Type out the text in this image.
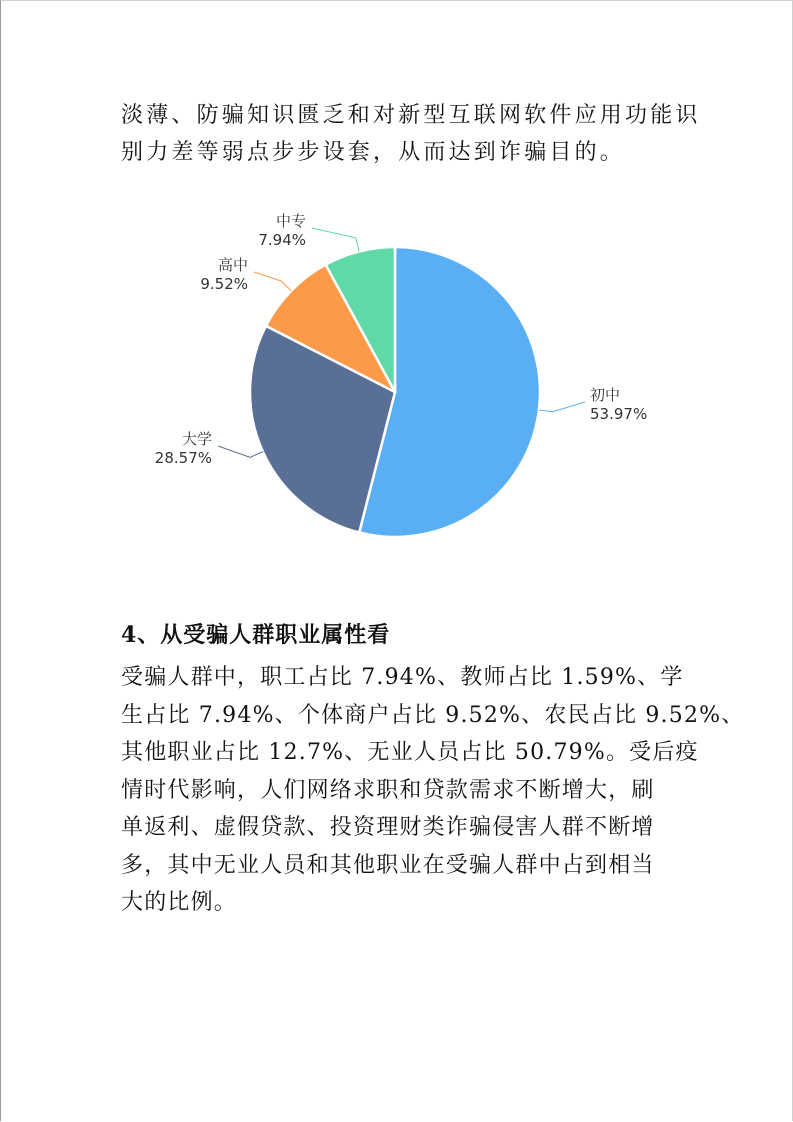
淡薄、防骗知识匮乏和对新型互联网软件应用功能识
别力差等弱点步步设套，从而达到诈骗目的。
初中
53.97%
大学
28.57%
高中
9.52%
中专
7.94%
4、从受骗人群职业属性看
受骗人群中，职工占比 7.94%、教师占比 1.59%、学
生占比 7.94%、个体商户占比 9.52%、农民占比 9.52%、
其他职业占比 12.7%、无业人员占比 50.79%。受后疫
情时代影响，人们网络求职和贷款需求不断增大，刷
单返利、虚假贷款、投资理财类诈骗侵害人群不断增
多，其中无业人员和其他职业在受骗人群中占到相当
大的比例。
